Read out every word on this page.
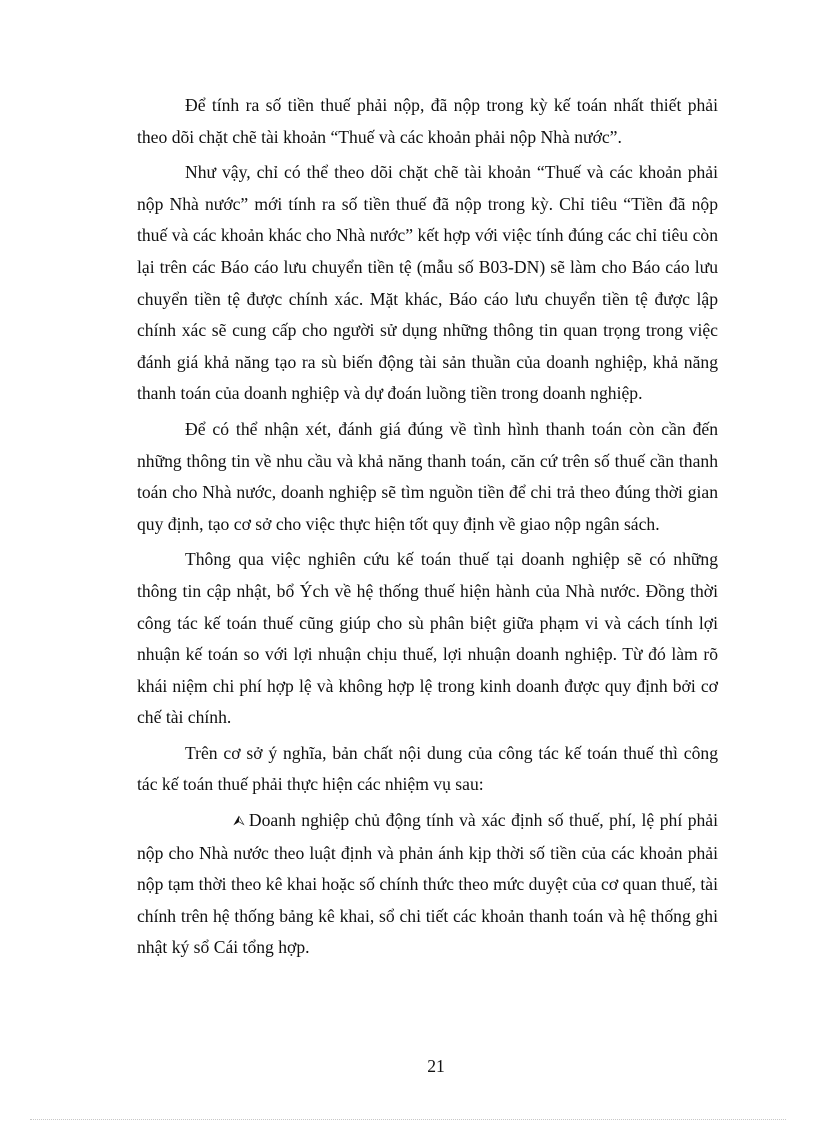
Để tính ra số tiền thuế phải nộp, đã nộp trong kỳ kế toán nhất thiết phải theo dõi chặt chẽ tài khoản “Thuế và các khoản phải nộp Nhà nước”.

Như vậy, chỉ có thể theo dõi chặt chẽ tài khoản “Thuế và các khoản phải nộp Nhà nước” mới tính ra số tiền thuế đã nộp trong kỳ. Chỉ tiêu “Tiền đã nộp thuế và các khoản khác cho Nhà nước” kết hợp với việc tính đúng các chỉ tiêu còn lại trên các Báo cáo lưu chuyển tiền tệ (mẫu số B03-DN) sẽ làm cho Báo cáo lưu chuyển tiền tệ được chính xác. Mặt khác, Báo cáo lưu chuyển tiền tệ được lập chính xác sẽ cung cấp cho người sử dụng những thông tin quan trọng trong việc đánh giá khả năng tạo ra sù biến động tài sản thuần của doanh nghiệp, khả năng thanh toán của doanh nghiệp và dự đoán luồng tiền trong doanh nghiệp.

Để có thể nhận xét, đánh giá đúng về tình hình thanh toán còn cần đến những thông tin về nhu cầu và khả năng thanh toán, căn cứ trên số thuế cần thanh toán cho Nhà nước, doanh nghiệp sẽ tìm nguồn tiền để chi trả theo đúng thời gian quy định, tạo cơ sở cho việc thực hiện tốt quy định về giao nộp ngân sách.

Thông qua việc nghiên cứu kế toán thuế tại doanh nghiệp sẽ có những thông tin cập nhật, bổ Ých về hệ thống thuế hiện hành của Nhà nước. Đồng thời công tác kế toán thuế cũng giúp cho sù phân biệt giữa phạm vi và cách tính lợi nhuận kế toán so với lợi nhuận chịu thuế, lợi nhuận doanh nghiệp. Từ đó làm rõ khái niệm chi phí hợp lệ và không hợp lệ trong kinh doanh được quy định bởi cơ chế tài chính.

Trên cơ sở ý nghĩa, bản chất nội dung của công tác kế toán thuế thì công tác kế toán thuế phải thực hiện các nhiệm vụ sau:

⮙ Doanh nghiệp chủ động tính và xác định số thuế, phí, lệ phí phải nộp cho Nhà nước theo luật định và phản ánh kịp thời số tiền của các khoản phải nộp tạm thời theo kê khai hoặc số chính thức theo mức duyệt của cơ quan thuế, tài chính trên hệ thống bảng kê khai, sổ chi tiết các khoản thanh toán và hệ thống ghi nhật ký sổ Cái tổng hợp.

21
